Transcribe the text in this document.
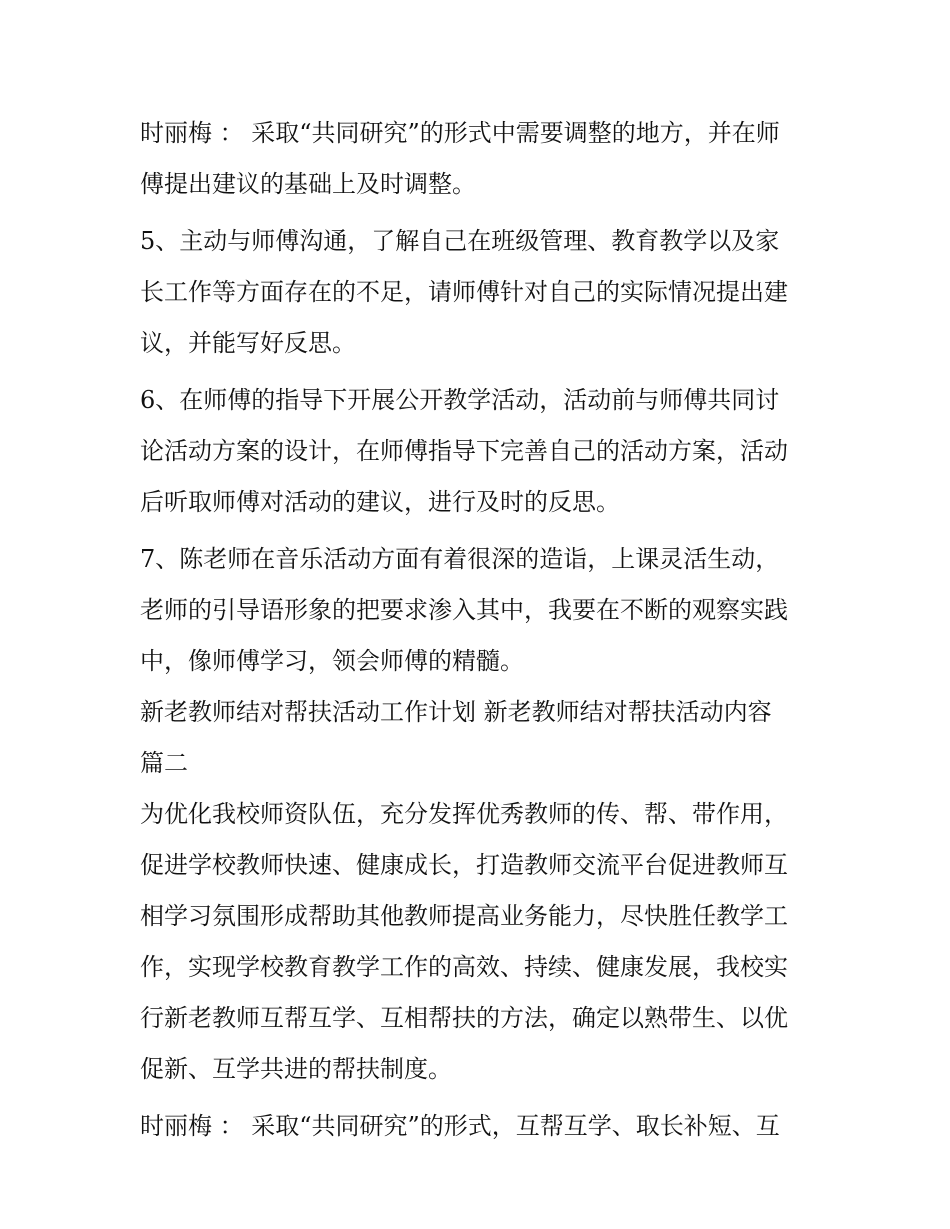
时丽梅 ： 采取“共同研究”的形式中需要调整的地方，并在师
傅提出建议的基础上及时调整。

5、主动与师傅沟通，了解自己在班级管理、教育教学以及家
长工作等方面存在的不足，请师傅针对自己的实际情况提出建
议，并能写好反思。

6、在师傅的指导下开展公开教学活动，活动前与师傅共同讨
论活动方案的设计，在师傅指导下完善自己的活动方案，活动
后听取师傅对活动的建议，进行及时的反思。

7、陈老师在音乐活动方面有着很深的造诣，上课灵活生动，
老师的引导语形象的把要求渗入其中，我要在不断的观察实践
中，像师傅学习，领会师傅的精髓。

新老教师结对帮扶活动工作计划 新老教师结对帮扶活动内容
篇二

为优化我校师资队伍，充分发挥优秀教师的传、帮、带作用，
促进学校教师快速、健康成长，打造教师交流平台促进教师互
相学习氛围形成帮助其他教师提高业务能力，尽快胜任教学工
作，实现学校教育教学工作的高效、持续、健康发展，我校实
行新老教师互帮互学、互相帮扶的方法，确定以熟带生、以优
促新、互学共进的帮扶制度。

时丽梅 ： 采取“共同研究”的形式，互帮互学、取长补短、互
